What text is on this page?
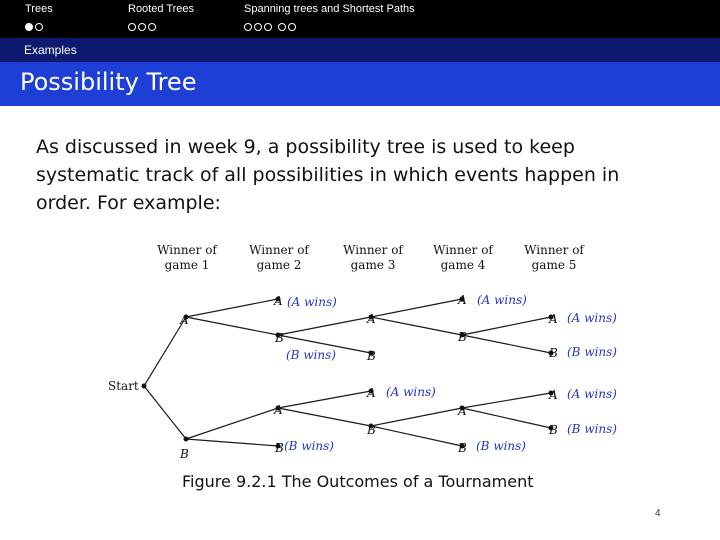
Trees	Rooted Trees	Spanning trees and Shortest Paths
Examples
Possibility Tree
As discussed in week 9, a possibility tree is used to keep systematic track of all possibilities in which events happen in order. For example:
Winner of
game 1
Winner of
game 2
Winner of
game 3
Winner of
game 4
Winner of
game 5
Start
A
B
A
B
A
B
A
B
A
B
A
B
A
B
A
B
A
B
(A wins)
(B wins)
(A wins)
(B wins)
(A wins)
(B wins)
(A wins)
(B wins)
(A wins)
(B wins)
Figure 9.2.1 The Outcomes of a Tournament
4
